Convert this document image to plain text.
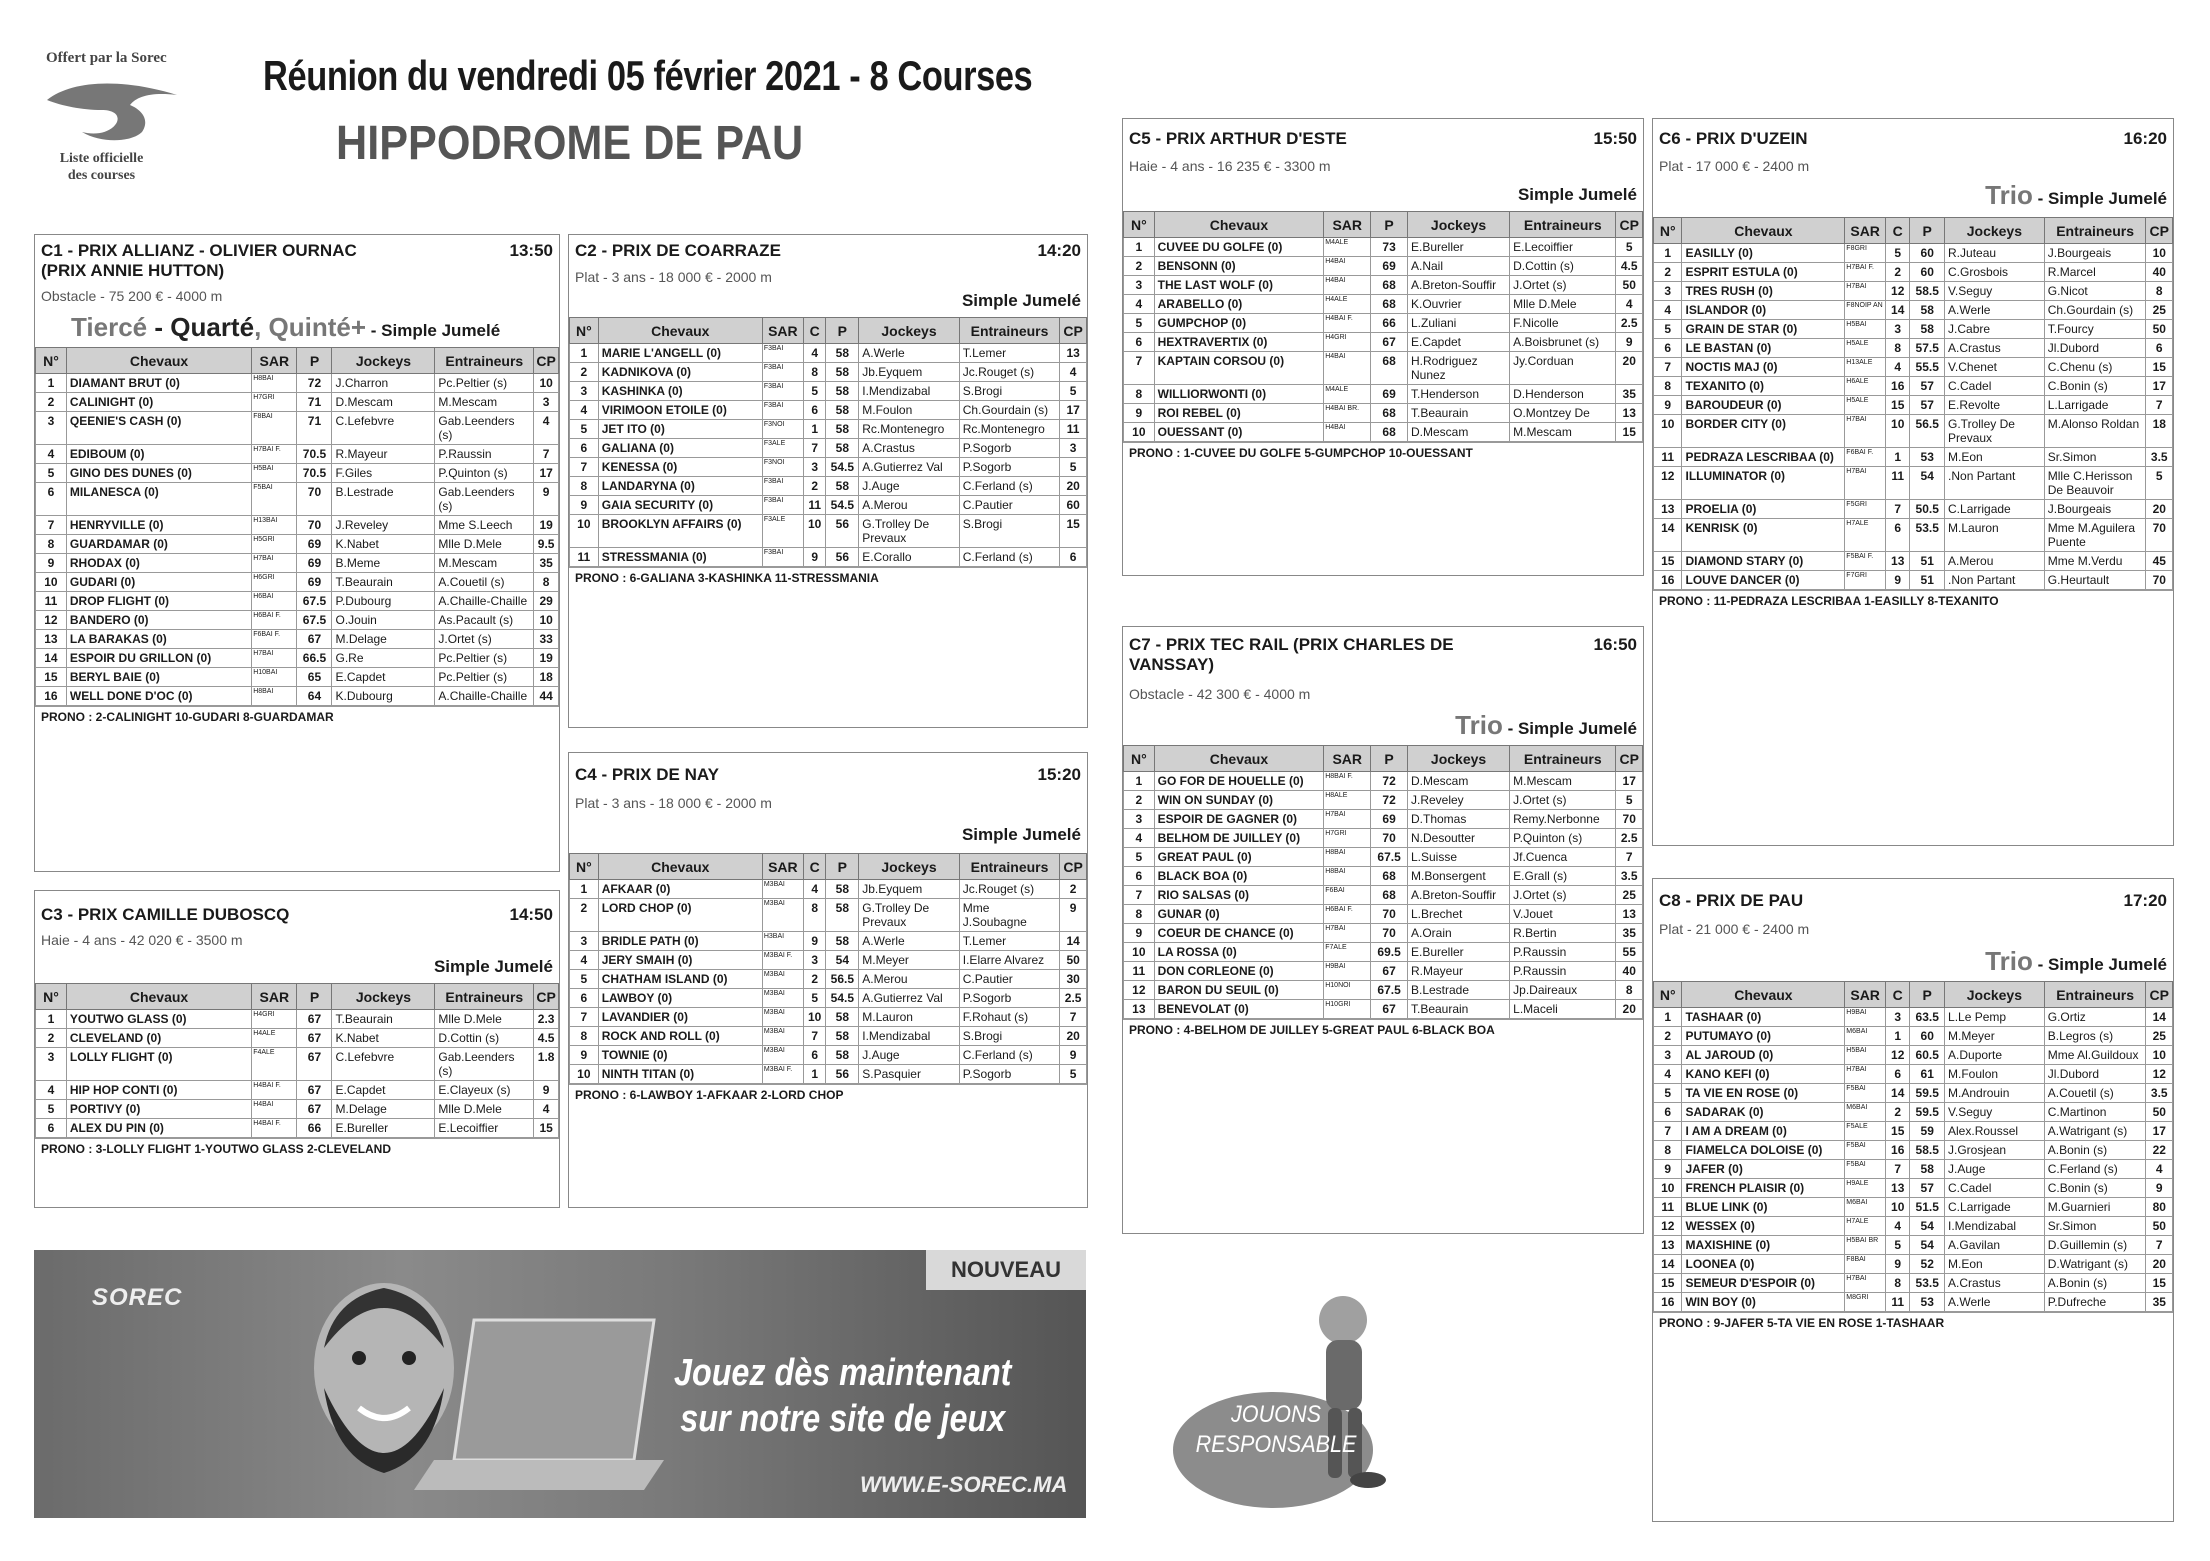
Offert par la Sorec
Liste officielle
des courses
Réunion du vendredi 05 février 2021 - 8 Courses
HIPPODROME DE PAU
C1 - PRIX ALLIANZ - OLIVIER OURNAC
(PRIX ANNIE HUTTON)
13:50
Obstacle - 75 200 € - 4000 m
Tiercé - Quarté, Quinté+ - Simple Jumelé
N°	Chevaux	SAR	P	Jockeys	Entraineurs	CP
1	DIAMANT BRUT (0)	H8BAI	72	J.Charron	Pc.Peltier (s)	10
2	CALINIGHT (0)	H7GRI	71	D.Mescam	M.Mescam	3
3	QEENIE'S CASH (0)	F8BAI	71	C.Lefebvre	Gab.Leenders (s)	4
4	EDIBOUM (0)	H7BAI F.	70.5	R.Mayeur	P.Raussin	7
5	GINO DES DUNES (0)	H5BAI	70.5	F.Giles	P.Quinton (s)	17
6	MILANESCA (0)	F5BAI	70	B.Lestrade	Gab.Leenders (s)	9
7	HENRYVILLE (0)	H13BAI	70	J.Reveley	Mme S.Leech	19
8	GUARDAMAR (0)	H5GRI	69	K.Nabet	Mlle D.Mele	9.5
9	RHODAX (0)	H7BAI	69	B.Meme	M.Mescam	35
10	GUDARI (0)	H6GRI	69	T.Beaurain	A.Couetil (s)	8
11	DROP FLIGHT (0)	H6BAI	67.5	P.Dubourg	A.Chaille-Chaille	29
12	BANDERO (0)	H6BAI F.	67.5	O.Jouin	As.Pacault (s)	10
13	LA BARAKAS (0)	F6BAI F.	67	M.Delage	J.Ortet (s)	33
14	ESPOIR DU GRILLON (0)	H7BAI	66.5	G.Re	Pc.Peltier (s)	19
15	BERYL BAIE (0)	H10BAI	65	E.Capdet	Pc.Peltier (s)	18
16	WELL DONE D'OC (0)	H8BAI	64	K.Dubourg	A.Chaille-Chaille	44
PRONO : 2-CALINIGHT 10-GUDARI 8-GUARDAMAR
C2 - PRIX DE COARRAZE	14:20
Plat - 3 ans - 18 000 € - 2000 m
Simple Jumelé
N°	Chevaux	SAR	C	P	Jockeys	Entraineurs	CP
1	MARIE L'ANGELL (0)	F3BAI	4	58	A.Werle	T.Lemer	13
2	KADNIKOVA (0)	F3BAI	8	58	Jb.Eyquem	Jc.Rouget (s)	4
3	KASHINKA (0)	F3BAI	5	58	I.Mendizabal	S.Brogi	5
4	VIRIMOON ETOILE (0)	F3BAI	6	58	M.Foulon	Ch.Gourdain (s)	17
5	JET ITO (0)	F3NOI	1	58	Rc.Montenegro	Rc.Montenegro	11
6	GALIANA (0)	F3ALE	7	58	A.Crastus	P.Sogorb	3
7	KENESSA (0)	F3NOI	3	54.5	A.Gutierrez Val	P.Sogorb	5
8	LANDARYNA (0)	F3BAI	2	58	J.Auge	C.Ferland (s)	20
9	GAIA SECURITY (0)	F3BAI	11	54.5	A.Merou	C.Pautier	60
10	BROOKLYN AFFAIRS (0)	F3ALE	10	56	G.Trolley De Prevaux	S.Brogi	15
11	STRESSMANIA (0)	F3BAI	9	56	E.Corallo	C.Ferland (s)	6
PRONO : 6-GALIANA 3-KASHINKA 11-STRESSMANIA
C3 - PRIX CAMILLE DUBOSCQ	14:50
Haie - 4 ans - 42 020 € - 3500 m
Simple Jumelé
N°	Chevaux	SAR	P	Jockeys	Entraineurs	CP
1	YOUTWO GLASS (0)	H4GRI	67	T.Beaurain	Mlle D.Mele	2.3
2	CLEVELAND (0)	H4ALE	67	K.Nabet	D.Cottin (s)	4.5
3	LOLLY FLIGHT (0)	F4ALE	67	C.Lefebvre	Gab.Leenders (s)	1.8
4	HIP HOP CONTI (0)	H4BAI F.	67	E.Capdet	E.Clayeux (s)	9
5	PORTIVY (0)	H4BAI	67	M.Delage	Mlle D.Mele	4
6	ALEX DU PIN (0)	H4BAI F.	66	E.Bureller	E.Lecoiffier	15
PRONO : 3-LOLLY FLIGHT 1-YOUTWO GLASS 2-CLEVELAND
C4 - PRIX DE NAY	15:20
Plat - 3 ans - 18 000 € - 2000 m
Simple Jumelé
N°	Chevaux	SAR	C	P	Jockeys	Entraineurs	CP
1	AFKAAR (0)	M3BAI	4	58	Jb.Eyquem	Jc.Rouget (s)	2
2	LORD CHOP (0)	M3BAI	8	58	G.Trolley De Prevaux	Mme J.Soubagne	9
3	BRIDLE PATH (0)	H3BAI	9	58	A.Werle	T.Lemer	14
4	JERY SMAIH (0)	M3BAI F.	3	54	M.Meyer	I.Elarre Alvarez	50
5	CHATHAM ISLAND (0)	M3BAI	2	56.5	A.Merou	C.Pautier	30
6	LAWBOY (0)	M3BAI	5	54.5	A.Gutierrez Val	P.Sogorb	2.5
7	LAVANDIER (0)	M3BAI	10	58	M.Lauron	F.Rohaut (s)	7
8	ROCK AND ROLL (0)	M3BAI	7	58	I.Mendizabal	S.Brogi	20
9	TOWNIE (0)	M3BAI	6	58	J.Auge	C.Ferland (s)	9
10	NINTH TITAN (0)	M3BAI F.	1	56	S.Pasquier	P.Sogorb	5
PRONO : 6-LAWBOY 1-AFKAAR 2-LORD CHOP
C5 - PRIX ARTHUR D'ESTE	15:50
Haie - 4 ans - 16 235 € - 3300 m
Simple Jumelé
N°	Chevaux	SAR	P	Jockeys	Entraineurs	CP
1	CUVEE DU GOLFE (0)	M4ALE	73	E.Bureller	E.Lecoiffier	5
2	BENSONN (0)	H4BAI	69	A.Nail	D.Cottin (s)	4.5
3	THE LAST WOLF (0)	H4BAI	68	A.Breton-Souffir	J.Ortet (s)	50
4	ARABELLO (0)	H4ALE	68	K.Ouvrier	Mlle D.Mele	4
5	GUMPCHOP (0)	H4BAI F.	66	L.Zuliani	F.Nicolle	2.5
6	HEXTRAVERTIX (0)	H4GRI	67	E.Capdet	A.Boisbrunet (s)	9
7	KAPTAIN CORSOU (0)	H4BAI	68	H.Rodriguez Nunez	Jy.Corduan	20
8	WILLIORWONTI (0)	M4ALE	69	T.Henderson	D.Henderson	35
9	ROI REBEL (0)	H4BAI BR.	68	T.Beaurain	O.Montzey De	13
10	OUESSANT (0)	H4BAI	68	D.Mescam	M.Mescam	15
PRONO : 1-CUVEE DU GOLFE 5-GUMPCHOP 10-OUESSANT
C6 - PRIX D'UZEIN	16:20
Plat - 17 000 € - 2400 m
Trio - Simple Jumelé
N°	Chevaux	SAR	C	P	Jockeys	Entraineurs	CP
1	EASILLY (0)	F8GRI	5	60	R.Juteau	J.Bourgeais	10
2	ESPRIT ESTULA (0)	H7BAI F.	2	60	C.Grosbois	R.Marcel	40
3	TRES RUSH (0)	H7BAI	12	58.5	V.Seguy	G.Nicot	8
4	ISLANDOR (0)	F8NOIP AN	14	58	A.Werle	Ch.Gourdain (s)	25
5	GRAIN DE STAR (0)	H5BAI	3	58	J.Cabre	T.Fourcy	50
6	LE BASTAN (0)	H5ALE	8	57.5	A.Crastus	Jl.Dubord	6
7	NOCTIS MAJ (0)	H13ALE	4	55.5	V.Chenet	C.Chenu (s)	15
8	TEXANITO (0)	H6ALE	16	57	C.Cadel	C.Bonin (s)	17
9	BAROUDEUR (0)	H5ALE	15	57	E.Revolte	L.Larrigade	7
10	BORDER CITY (0)	H7BAI	10	56.5	G.Trolley De Prevaux	M.Alonso Roldan	18
11	PEDRAZA LESCRIBAA (0)	F6BAI F.	1	53	M.Eon	Sr.Simon	3.5
12	ILLUMINATOR (0)	H7BAI	11	54	.Non Partant	Mlle C.Herisson De Beauvoir	5
13	PROELIA (0)	F5GRI	7	50.5	C.Larrigade	J.Bourgeais	20
14	KENRISK (0)	H7ALE	6	53.5	M.Lauron	Mme M.Aguilera Puente	70
15	DIAMOND STARY (0)	F5BAI F.	13	51	A.Merou	Mme M.Verdu	45
16	LOUVE DANCER (0)	F7GRI	9	51	.Non Partant	G.Heurtault	70
PRONO : 11-PEDRAZA LESCRIBAA 1-EASILLY 8-TEXANITO
C7 - PRIX TEC RAIL (PRIX CHARLES DE
VANSSAY)
16:50
Obstacle - 42 300 € - 4000 m
Trio - Simple Jumelé
N°	Chevaux	SAR	P	Jockeys	Entraineurs	CP
1	GO FOR DE HOUELLE (0)	H8BAI F.	72	D.Mescam	M.Mescam	17
2	WIN ON SUNDAY (0)	H8ALE	72	J.Reveley	J.Ortet (s)	5
3	ESPOIR DE GAGNER (0)	H7BAI	69	D.Thomas	Remy.Nerbonne	70
4	BELHOM DE JUILLEY (0)	H7GRI	70	N.Desoutter	P.Quinton (s)	2.5
5	GREAT PAUL (0)	H8BAI	67.5	L.Suisse	Jf.Cuenca	7
6	BLACK BOA (0)	H8BAI	68	M.Bonsergent	E.Grall (s)	3.5
7	RIO SALSAS (0)	F6BAI	68	A.Breton-Souffir	J.Ortet (s)	25
8	GUNAR (0)	H6BAI F.	70	L.Brechet	V.Jouet	13
9	COEUR DE CHANCE (0)	H7BAI	70	A.Orain	R.Bertin	35
10	LA ROSSA (0)	F7ALE	69.5	E.Bureller	P.Raussin	55
11	DON CORLEONE (0)	H9BAI	67	R.Mayeur	P.Raussin	40
12	BARON DU SEUIL (0)	H10NOI	67.5	B.Lestrade	Jp.Daireaux	8
13	BENEVOLAT (0)	H10GRI	67	T.Beaurain	L.Maceli	20
PRONO : 4-BELHOM DE JUILLEY 5-GREAT PAUL 6-BLACK BOA
C8 - PRIX DE PAU	17:20
Plat - 21 000 € - 2400 m
Trio - Simple Jumelé
N°	Chevaux	SAR	C	P	Jockeys	Entraineurs	CP
1	TASHAAR (0)	H9BAI	3	63.5	L.Le Pemp	G.Ortiz	14
2	PUTUMAYO (0)	M6BAI	1	60	M.Meyer	B.Legros (s)	25
3	AL JAROUD (0)	H5BAI	12	60.5	A.Duporte	Mme Al.Guildoux	10
4	KANO KEFI (0)	H7BAI	6	61	M.Foulon	Jl.Dubord	12
5	TA VIE EN ROSE (0)	F5BAI	14	59.5	M.Androuin	A.Couetil (s)	3.5
6	SADARAK (0)	M6BAI	2	59.5	V.Seguy	C.Martinon	50
7	I AM A DREAM (0)	F5ALE	15	59	Alex.Roussel	A.Watrigant (s)	17
8	FIAMELCA DOLOISE (0)	F5BAI	16	58.5	J.Grosjean	A.Bonin (s)	22
9	JAFER (0)	F5BAI	7	58	J.Auge	C.Ferland (s)	4
10	FRENCH PLAISIR (0)	H9ALE	13	57	C.Cadel	C.Bonin (s)	9
11	BLUE LINK (0)	M6BAI	10	51.5	C.Larrigade	M.Guarnieri	80
12	WESSEX (0)	H7ALE	4	54	I.Mendizabal	Sr.Simon	50
13	MAXISHINE (0)	H5BAI BR	5	54	A.Gavilan	D.Guillemin (s)	7
14	LOONEA (0)	F8BAI	9	52	M.Eon	D.Watrigant (s)	20
15	SEMEUR D'ESPOIR (0)	H7BAI	8	53.5	A.Crastus	A.Bonin (s)	15
16	WIN BOY (0)	M8GRI	11	53	A.Werle	P.Dufreche	35
PRONO : 9-JAFER 5-TA VIE EN ROSE 1-TASHAAR
NOUVEAU
SOREC
Jouez dès maintenant
sur notre site de jeux
WWW.E-SOREC.MA
JOUONS
RESPONSABLE
